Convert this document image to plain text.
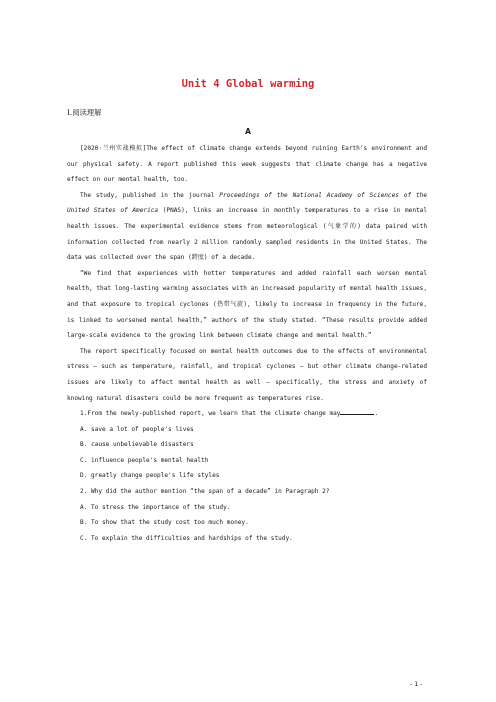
Unit 4 Global warming
Ⅰ.阅读理解
A

[2020·兰州实战模拟]The effect of climate change extends beyond ruining Earth's environment and our physical safety. A report published this week suggests that climate change has a negative effect on our mental health, too.

The study, published in the journal Proceedings of the National Academy of Sciences of the United States of America (PNAS), links an increase in monthly temperatures to a rise in mental health issues. The experimental evidence stems from meteorological (气象学的) data paired with information collected from nearly 2 million randomly sampled residents in the United States. The data was collected over the span (跨度) of a decade.

“We find that experiences with hotter temperatures and added rainfall each worsen mental health, that long-lasting warming associates with an increased popularity of mental health issues, and that exposure to tropical cyclones (热带气旋), likely to increase in frequency in the future, is linked to worsened mental health,” authors of the study stated. “These results provide added large-scale evidence to the growing link between climate change and mental health.”

The report specifically focused on mental health outcomes due to the effects of environmental stress — such as temperature, rainfall, and tropical cyclones — but other climate change-related issues are likely to affect mental health as well — specifically, the stress and anxiety of knowing natural disasters could be more frequent as temperatures rise.

1.From the newly-published report, we learn that the climate change may	.

A. save a lot of people's lives

B. cause unbelievable disasters

C. influence people's mental health

D. greatly change people's life styles

2. Why did the author mention “the span of a decade” in Paragraph 2?

A. To stress the importance of the study.

B. To show that the study cost too much money.

C. To explain the difficulties and hardships of the study.

- 1 -
